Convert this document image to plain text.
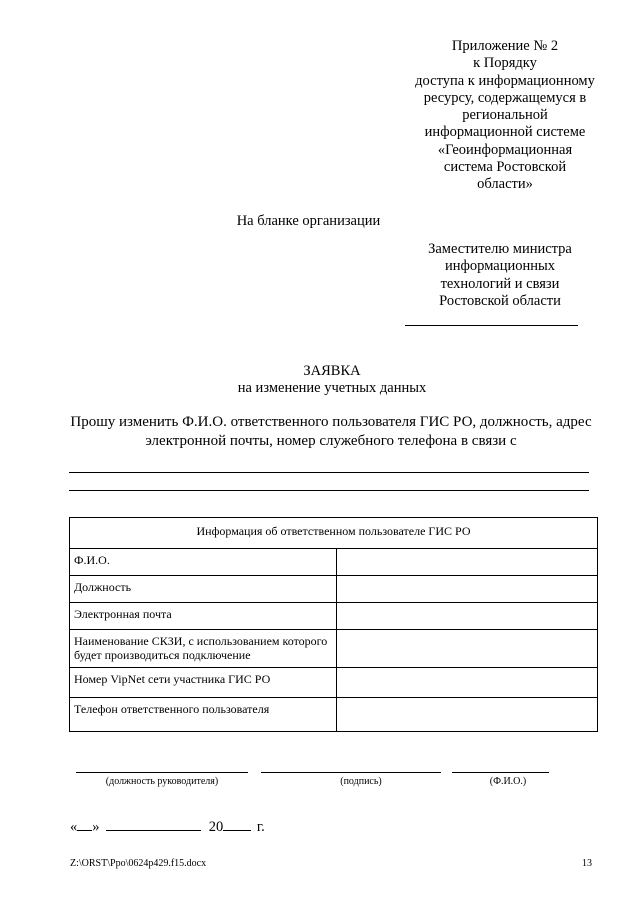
Приложение № 2
к Порядку
доступа к информационному
ресурсу, содержащемуся в
региональной
информационной системе
«Геоинформационная
система Ростовской
области»
На бланке организации
Заместителю министра
информационных
технологий и связи
Ростовской области
ЗАЯВКА
на изменение учетных данных
Прошу изменить Ф.И.О. ответственного пользователя ГИС РО, должность, адрес электронной почты, номер служебного телефона в связи с
Информация об ответственном пользователе ГИС РО	
Ф.И.О.	
Должность	
Электронная почта	
Наименование СКЗИ, с использованием которого будет производиться подключение	
Номер VipNet сети участника ГИС РО	
Телефон ответственного пользователя	
(должность руководителя)	(подпись)	(Ф.И.О.)
« »	20 г.
Z:\ORST\Ppo\0624p429.f15.docx	13
